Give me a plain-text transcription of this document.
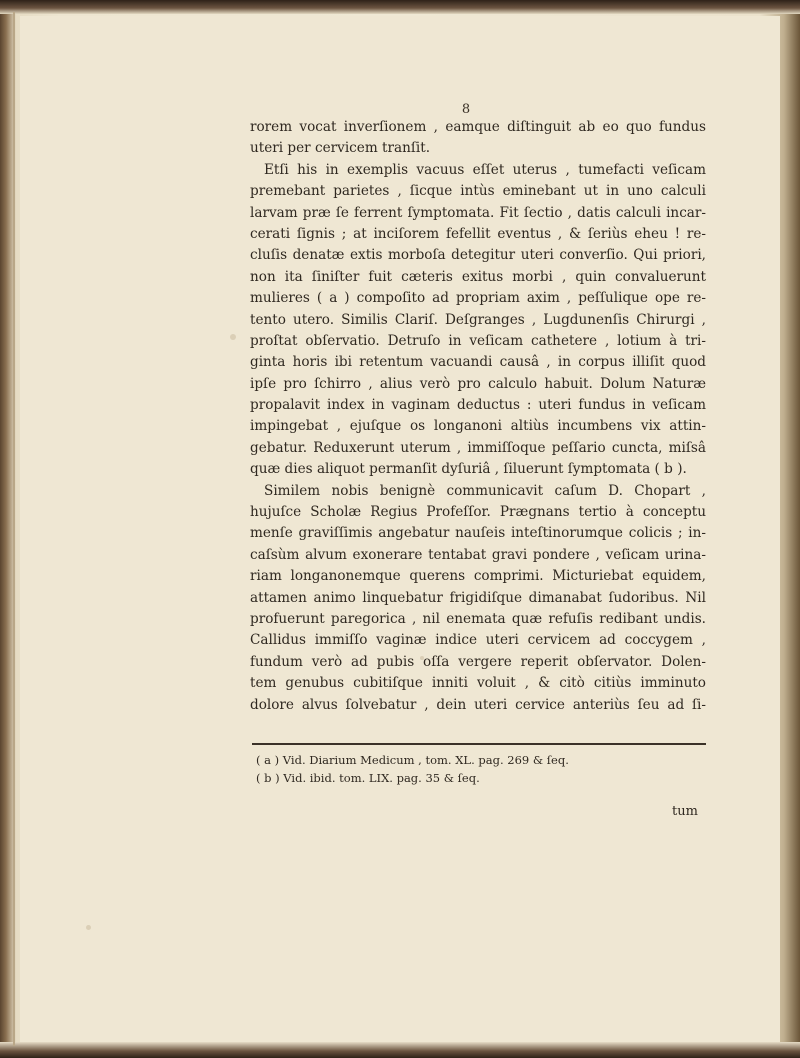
8
rorem vocat inverſionem , eamque diſtinguit ab eo quo fundus
uteri per cervicem tranſit.
Etſi his in exemplis vacuus eſſet uterus , tumefacti veſicam
premebant parietes , ſicque intùs eminebant ut in uno calculi
larvam præ ſe ferrent ſymptomata. Fit ſectio , datis calculi incar-
cerati ſignis ; at inciſorem fefellit eventus , & ſeriùs eheu ! re-
cluſis denatæ extis morboſa detegitur uteri converſio. Qui priori,
non ita ſiniſter fuit cæteris exitus morbi , quin convaluerunt
mulieres ( a ) compoſito ad propriam axim , peſſulique ope re-
tento utero. Similis Clariſ. Deſgranges , Lugdunenſis Chirurgi ,
proſtat obſervatio. Detruſo in veſicam cathetere , lotium à tri-
ginta horis ibi retentum vacuandi causâ , in corpus illiſit quod
ipſe pro ſchirro , alius verò pro calculo habuit. Dolum Naturæ
propalavit index in vaginam deductus : uteri fundus in veſicam
impingebat , ejuſque os longanoni altiùs incumbens vix attin-
gebatur. Reduxerunt uterum , immiſſoque peſſario cuncta, miſsâ
quæ dies aliquot permanſit dyſuriâ , ſiluerunt ſymptomata ( b ).
Similem nobis benignè communicavit caſum D. Chopart ,
hujuſce Scholæ Regius Profeſſor. Prægnans tertio à conceptu
menſe graviſſimis angebatur nauſeis inteſtinorumque colicis ; in-
caſsùm alvum exonerare tentabat gravi pondere , veſicam urina-
riam longanonemque querens comprimi. Micturiebat equidem,
attamen animo linquebatur frigidiſque dimanabat ſudoribus. Nil
profuerunt paregorica , nil enemata quæ refuſis redibant undis.
Callidus immiſſo vaginæ indice uteri cervicem ad coccygem ,
fundum verò ad pubis oſſa vergere reperit obſervator. Dolen-
tem genubus cubitiſque inniti voluit , & citò citiùs imminuto
dolore alvus ſolvebatur , dein uteri cervice anteriùs ſeu ad ſi-
( a ) Vid. Diarium Medicum , tom. XL. pag. 269 & ſeq.
( b ) Vid. ibid. tom. LIX. pag. 35 & ſeq.
tum
